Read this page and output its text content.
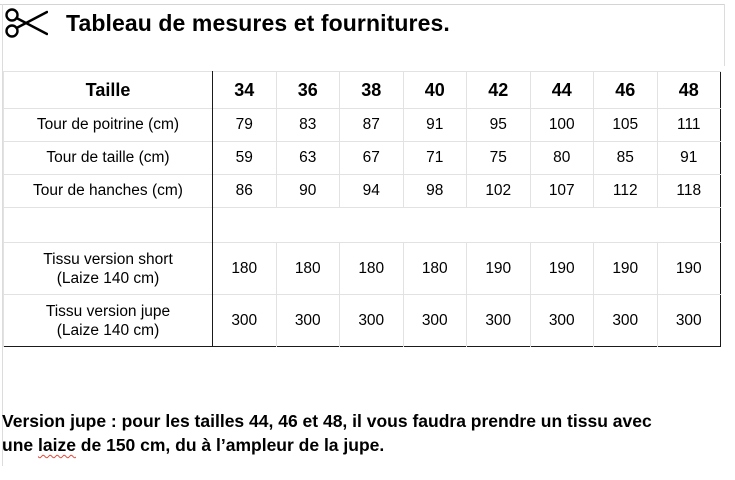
Tableau de mesures et fournitures.
Taille	34	36	38	40	42	44	46	48
Tour de poitrine (cm)	79	83	87	91	95	100	105	111
Tour de taille (cm)	59	63	67	71	75	80	85	91
Tour de hanches (cm)	86	90	94	98	102	107	112	118

Tissu version short
(Laize 140 cm)	180	180	180	180	190	190	190	190

Tissu version jupe
(Laize 140 cm)	300	300	300	300	300	300	300	300
Version jupe : pour les tailles 44, 46 et 48, il vous faudra prendre un tissu avec
une laize de 150 cm, du à l’ampleur de la jupe.
